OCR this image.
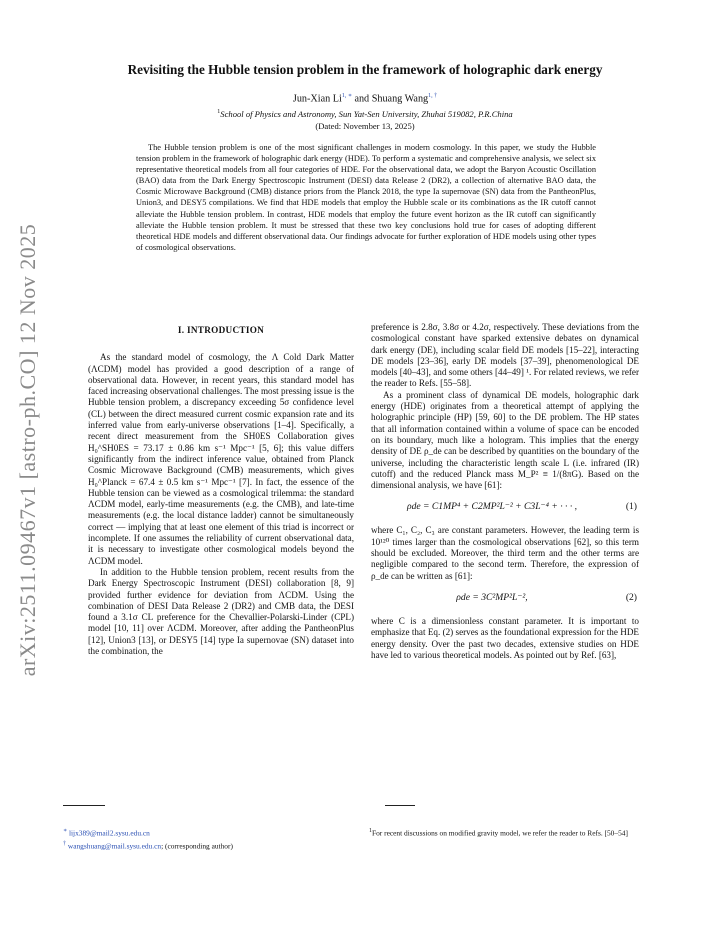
arXiv:2511.09467v1 [astro-ph.CO] 12 Nov 2025
Revisiting the Hubble tension problem in the framework of holographic dark energy
Jun-Xian Li$^{1, ∗}$ and Shuang Wang$^{1, \dagger}$
$^1$School of Physics and Astronomy, Sun Yat-Sen University, Zhuhai 519082, P.R.China
(Dated: November 13, 2025)
The Hubble tension problem is one of the most significant challenges in modern cosmology. In this paper, we study the Hubble tension problem in the framework of holographic dark energy (HDE). To perform a systematic and comprehensive analysis, we select six representative theoretical models from all four categories of HDE. For the observational data, we adopt the Baryon Acoustic Oscillation (BAO) data from the Dark Energy Spectroscopic Instrument (DESI) data Release 2 (DR2), a collection of alternative BAO data, the Cosmic Microwave Background (CMB) distance priors from the Planck 2018, the type Ia supernovae (SN) data from the PantheonPlus, Union3, and DESY5 compilations. We find that HDE models that employ the Hubble scale or its combinations as the IR cutoff cannot alleviate the Hubble tension problem. In contrast, HDE models that employ the future event horizon as the IR cutoff can significantly alleviate the Hubble tension problem. It must be stressed that these two key conclusions hold true for cases of adopting different theoretical HDE models and different observational data. Our findings advocate for further exploration of HDE models using other types of cosmological observations.
I. INTRODUCTION

As the standard model of cosmology, the Λ Cold Dark Matter (ΛCDM) model has provided a good description of a range of observational data. However, in recent years, this standard model has faced increasing observational challenges. The most pressing issue is the Hubble tension problem, a discrepancy exceeding 5σ confidence level (CL) between the direct measured current cosmic expansion rate and its inferred value from early-universe observations [1–4]. Specifically, a recent direct measurement from the SH0ES Collaboration gives H₀^SH0ES = 73.17 ± 0.86 km s⁻¹ Mpc⁻¹ [5, 6]; this value differs significantly from the indirect inference value, obtained from Planck Cosmic Microwave Background (CMB) measurements, which gives H₀^Planck = 67.4 ± 0.5 km s⁻¹ Mpc⁻¹ [7]. In fact, the essence of the Hubble tension can be viewed as a cosmological trilemma: the standard ΛCDM model, early-time measurements (e.g. the CMB), and late-time measurements (e.g. the local distance ladder) cannot be simultaneously correct — implying that at least one element of this triad is incorrect or incomplete. If one assumes the reliability of current observational data, it is necessary to investigate other cosmological models beyond the ΛCDM model.

In addition to the Hubble tension problem, recent results from the Dark Energy Spectroscopic Instrument (DESI) collaboration [8, 9] provided further evidence for deviation from ΛCDM. Using the combination of DESI Data Release 2 (DR2) and CMB data, the DESI found a 3.1σ CL preference for the Chevallier-Polarski-Linder (CPL) model [10, 11] over ΛCDM. Moreover, after adding the PantheonPlus [12], Union3 [13], or DESY5 [14] type Ia supernovae (SN) dataset into the combination, the

preference is 2.8σ, 3.8σ or 4.2σ, respectively. These deviations from the cosmological constant have sparked extensive debates on dynamical dark energy (DE), including scalar field DE models [15–22], interacting DE models [23–36], early DE models [37–39], phenomenological DE models [40–43], and some others [44–49] ¹. For related reviews, we refer the reader to Refs. [55–58].

As a prominent class of dynamical DE models, holographic dark energy (HDE) originates from a theoretical attempt of applying the holographic principle (HP) [59, 60] to the DE problem. The HP states that all information contained within a volume of space can be encoded on its boundary, much like a hologram. This implies that the energy density of DE ρ_de can be described by quantities on the boundary of the universe, including the characteristic length scale L (i.e. infrared (IR) cutoff) and the reduced Planck mass M_P² ≡ 1/(8πG). Based on the dimensional analysis, we have [61]:

ρde = C1MP⁴ + C2MP²L⁻² + C3L⁻⁴ + · · · ,	(1)

where C₁, C₂, C₃ are constant parameters. However, the leading term is 10¹²⁰ times larger than the cosmological observations [62], so this term should be excluded. Moreover, the third term and the other terms are negligible compared to the second term. Therefore, the expression of ρ_de can be written as [61]:

ρde = 3C²MP²L⁻²,	(2)

where C is a dimensionless constant parameter. It is important to emphasize that Eq. (2) serves as the foundational expression for the HDE energy density. Over the past two decades, extensive studies on HDE have led to various theoretical models. As pointed out by Ref. [63],

∗ lijx389@mail2.sysu.edu.cn
† wangshuang@mail.sysu.edu.cn; (corresponding author)
$^1$For recent discussions on modified gravity model, we refer the reader to Refs. [50–54]
